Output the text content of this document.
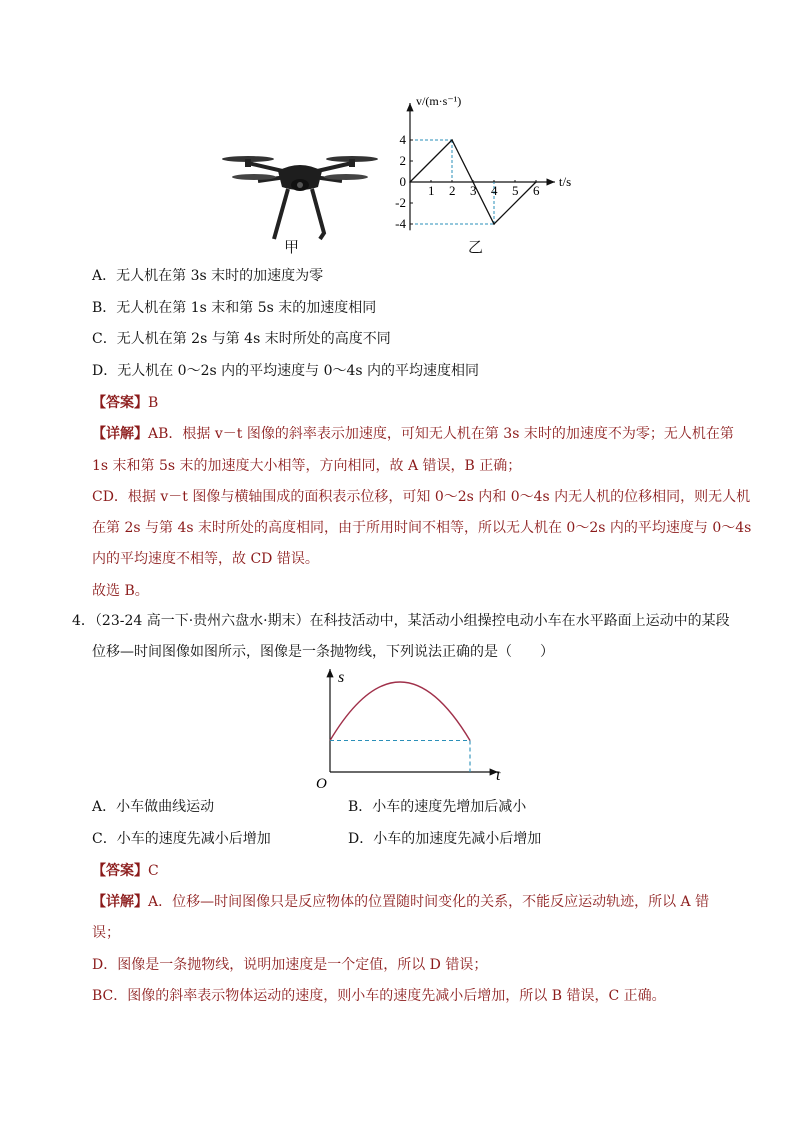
甲
1 2 3 4 5 6
4
2
0
-2
-4
v/(m·s⁻¹)
t/s
乙
A．无人机在第 3s 末时的加速度为零
B．无人机在第 1s 末和第 5s 末的加速度相同
C．无人机在第 2s 与第 4s 末时所处的高度不同
D．无人机在 0～2s 内的平均速度与 0～4s 内的平均速度相同
【答案】B
【详解】AB．根据 v－t 图像的斜率表示加速度，可知无人机在第 3s 末时的加速度不为零；无人机在第
1s 末和第 5s 末的加速度大小相等，方向相同，故 A 错误，B 正确；
CD．根据 v－t 图像与横轴围成的面积表示位移，可知 0～2s 内和 0～4s 内无人机的位移相同，则无人机
在第 2s 与第 4s 末时所处的高度相同，由于所用时间不相等，所以无人机在 0～2s 内的平均速度与 0～4s
内的平均速度不相等，故 CD 错误。
故选 B。
4．（23-24 高一下·贵州六盘水·期末）在科技活动中，某活动小组操控电动小车在水平路面上运动中的某段
位移—时间图像如图所示，图像是一条抛物线，下列说法正确的是（　　）
s
t
O
A．小车做曲线运动	B．小车的速度先增加后减小
C．小车的速度先减小后增加	D．小车的加速度先减小后增加
【答案】C
【详解】A．位移—时间图像只是反应物体的位置随时间变化的关系，不能反应运动轨迹，所以 A 错
误；
D．图像是一条抛物线，说明加速度是一个定值，所以 D 错误；
BC．图像的斜率表示物体运动的速度，则小车的速度先减小后增加，所以 B 错误，C 正确。
